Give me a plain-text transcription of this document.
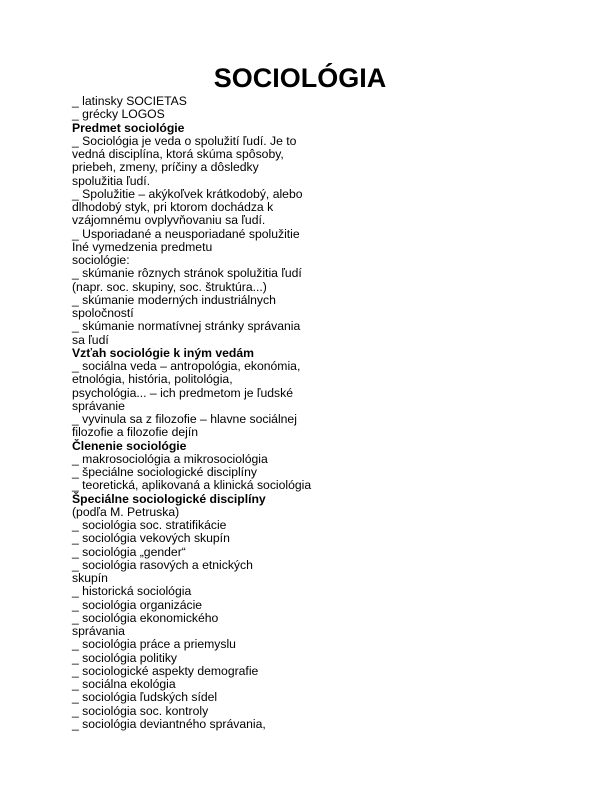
SOCIOLÓGIA
_ latinsky SOCIETAS
_ grécky LOGOS
Predmet sociológie
_ Sociológia je veda o spolužití ľudí. Je to
vedná disciplína, ktorá skúma spôsoby,
priebeh, zmeny, príčiny a dôsledky
spolužitia ľudí.
_ Spolužitie – akýkoľvek krátkodobý, alebo
dlhodobý styk, pri ktorom dochádza k
vzájomnému ovplyvňovaniu sa ľudí.
_ Usporiadané a neusporiadané spolužitie
Iné vymedzenia predmetu
sociológie:
_ skúmanie rôznych stránok spolužitia ľudí
(napr. soc. skupiny, soc. štruktúra...)
_ skúmanie moderných industriálnych
spoločností
_ skúmanie normatívnej stránky správania
sa ľudí
Vzťah sociológie k iným vedám
_ sociálna veda – antropológia, ekonómia,
etnológia, história, politológia,
psychológia... – ich predmetom je ľudské
správanie
_ vyvinula sa z filozofie – hlavne sociálnej
filozofie a filozofie dejín
Členenie sociológie
_ makrosociológia a mikrosociológia
_ špeciálne sociologické disciplíny
_ teoretická, aplikovaná a klinická sociológia
Špeciálne sociologické disciplíny
(podľa M. Petruska)
_ sociológia soc. stratifikácie
_ sociológia vekových skupín
_ sociológia „gender“
_ sociológia rasových a etnických
skupín
_ historická sociológia
_ sociológia organizácie
_ sociológia ekonomického
správania
_ sociológia práce a priemyslu
_ sociológia politiky
_ sociologické aspekty demografie
_ sociálna ekológia
_ sociológia ľudských sídel
_ sociológia soc. kontroly
_ sociológia deviantného správania,
